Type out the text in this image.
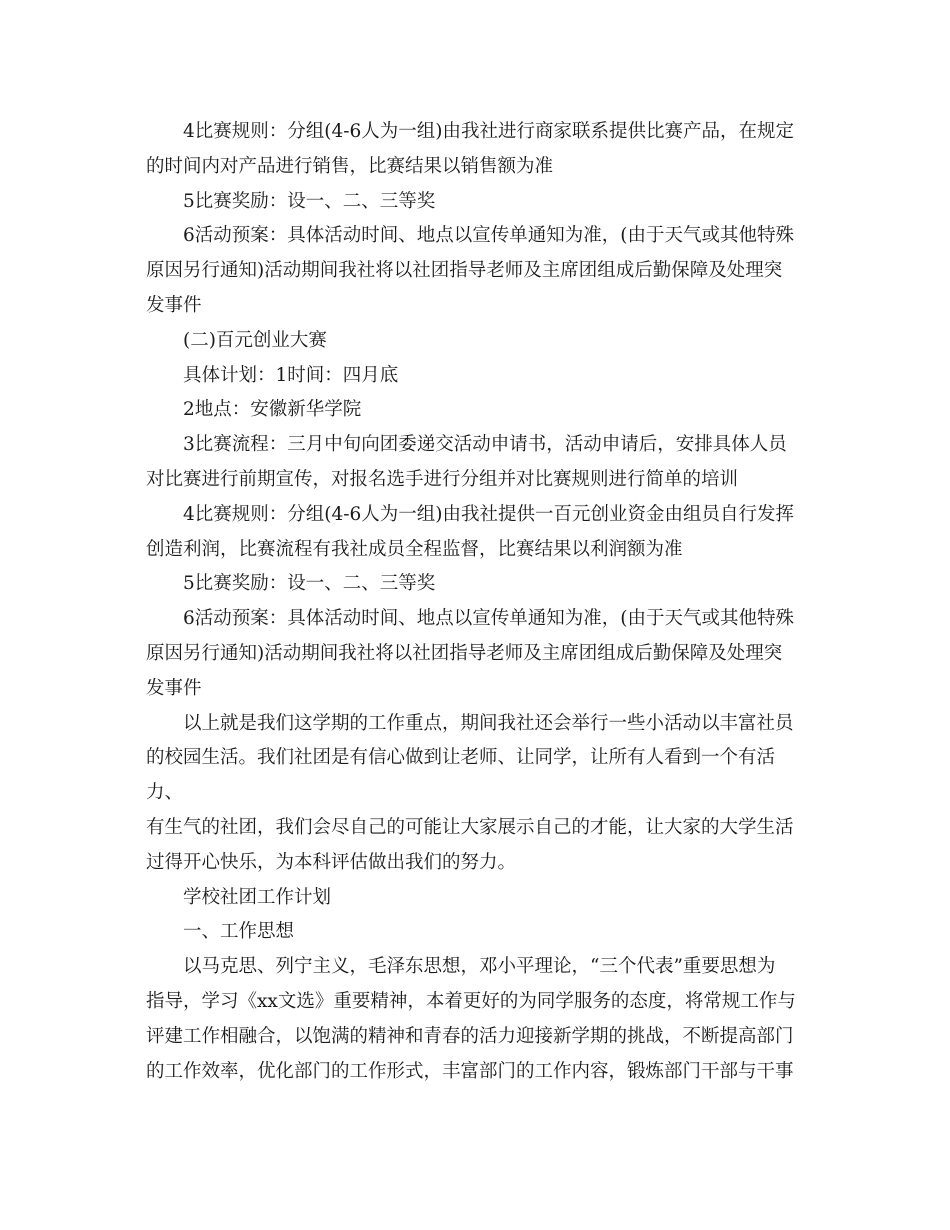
4比赛规则：分组(4-6人为一组)由我社进行商家联系提供比赛产品，在规定
的时间内对产品进行销售，比赛结果以销售额为准

5比赛奖励：设一、二、三等奖

6活动预案：具体活动时间、地点以宣传单通知为准，(由于天气或其他特殊
原因另行通知)活动期间我社将以社团指导老师及主席团组成后勤保障及处理突
发事件

(二)百元创业大赛

具体计划：1时间：四月底

2地点：安徽新华学院

3比赛流程：三月中旬向团委递交活动申请书，活动申请后，安排具体人员
对比赛进行前期宣传，对报名选手进行分组并对比赛规则进行简单的培训

4比赛规则：分组(4-6人为一组)由我社提供一百元创业资金由组员自行发挥
创造利润，比赛流程有我社成员全程监督，比赛结果以利润额为准

5比赛奖励：设一、二、三等奖

6活动预案：具体活动时间、地点以宣传单通知为准，(由于天气或其他特殊
原因另行通知)活动期间我社将以社团指导老师及主席团组成后勤保障及处理突
发事件

以上就是我们这学期的工作重点，期间我社还会举行一些小活动以丰富社员
的校园生活。我们社团是有信心做到让老师、让同学，让所有人看到一个有活力、
有生气的社团，我们会尽自己的可能让大家展示自己的才能，让大家的大学生活
过得开心快乐，为本科评估做出我们的努力。

学校社团工作计划

一、工作思想

以马克思、列宁主义，毛泽东思想，邓小平理论，“三个代表”重要思想为
指导，学习《xx文选》重要精神，本着更好的为同学服务的态度，将常规工作与
评建工作相融合，以饱满的精神和青春的活力迎接新学期的挑战，不断提高部门
的工作效率，优化部门的工作形式，丰富部门的工作内容，锻炼部门干部与干事
